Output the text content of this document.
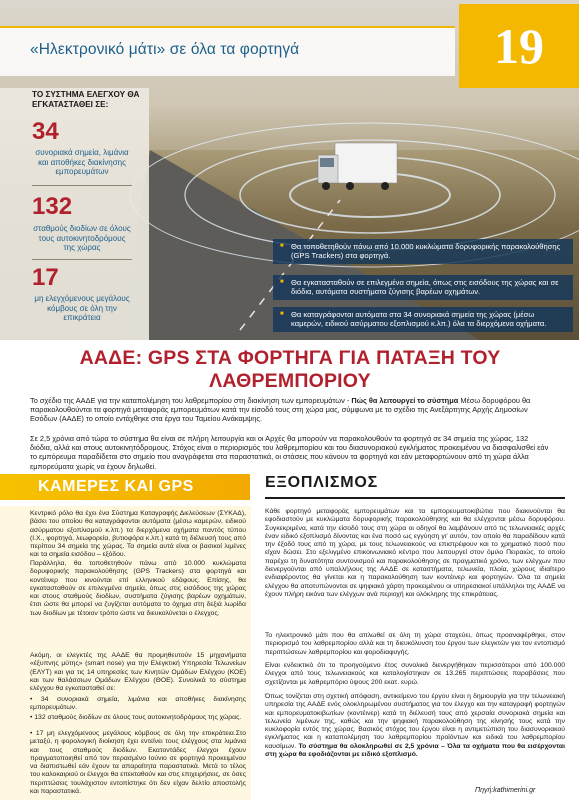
«Ηλεκτρονικό μάτι» σε όλα τα φορτηγά	19
ΤΟ ΣΥΣΤΗΜΑ ΕΛΕΓΧΟΥ ΘΑ ΕΓΚΑΤΑΣΤΑΘΕΙ ΣΕ:
34
συνοριακά σημεία, λιμάνια και αποθήκες διακίνησης εμπορευμάτων
132
σταθμούς διοδίων σε όλους τους αυτοκινητοδρόμους της χώρας
17
μη ελεγχόμενους μεγάλους κόμβους σε όλη την επικράτεια
■ Θα τοποθετηθούν πάνω από 10.000 κυκλώματα δορυφορικής παρακολούθησης (GPS Trackers) στα φορτηγά.
■ Θα εγκατασταθούν σε επιλεγμένα σημεία, όπως στις εισόδους της χώρας και σε διόδια, αυτόματα συστήματα ζύγισης βαρέων οχημάτων.
■ Θα καταγράφονται αυτόματα στα 34 συνοριακά σημεία της χώρας (μέσω καμερών, ειδικού ασύρματου εξοπλισμού κ.λπ.) όλα τα διερχόμενα οχήματα.
ΑΑΔΕ: GPS ΣΤΑ ΦΟΡΤΗΓΑ ΓΙΑ ΠΑΤΑΞΗ ΤΟΥ ΛΑΘΡΕΜΠΟΡΙΟΥ
Το σχέδιο της ΑΑΔΕ για την καταπολέμηση του λαθρεμπορίου στη διακίνηση των εμπορευμάτων - Πώς θα λειτουργεί το σύστημα Μέσω δορυφόρου θα παρακολουθούνται τα φορτηγά μεταφοράς εμπορευμάτων κατά την είσοδό τους στη χώρα μας, σύμφωνα με το σχέδιο της Ανεξάρτητης Αρχής Δημοσίων Εσόδων (ΑΑΔΕ) το οποίο εντάχθηκε στα έργα του Ταμείου Ανάκαμψης.
Σε 2,5 χρόνια από τώρα το σύστημα θα είναι σε πλήρη λειτουργία και οι Αρχές θα μπορούν να παρακολουθούν τα φορτηγά σε 34 σημεία της χώρας, 132 διόδια, αλλά και στους αυτοκινητόδρομους. Στόχος είναι ο περιορισμός του λαθρεμπορίου και του διασυνοριακού εγκλήματος προκειμένου να διασφαλισθεί εάν το εμπόρευμα παραδίδεται στο σημείο που αναγράφεται στα παραστατικά, οι στάσεις που κάνουν τα φορτηγά και εάν μεταφορτώνουν από τη χώρα άλλα εμπορεύματα χωρίς να έχουν δηλωθεί.
ΚΑΜΕΡΕΣ ΚΑΙ GPS	ΕΞΟΠΛΙΣΜΟΣ
Κεντρικό ρόλο θα έχει ένα Σύστημα Καταγραφής Διελεύσεων (ΣΥΚΑΔ), βάσει του οποίου θα καταγράφονται αυτόματα (μέσω καμερών, ειδικού ασύρματου εξοπλισμού κ.λπ.) τα διερχόμενα οχήματα παντός τύπου (Ι.Χ., φορτηγά, λεωφορεία, βυτιοφόρα κ.λπ.) κατά τη διέλευσή τους από περίπου 34 σημεία της χώρας. Τα σημεία αυτά είναι οι βασικοί λιμένες και τα σημεία εισόδου – εξόδου.
Παράλληλα, θα τοποθετηθούν πάνω από 10.000 κυκλώματα δορυφορικής παρακολούθησης (GPS Trackers) στα φορτηγά και κοντέινερ που κινούνται επί ελληνικού εδάφους. Επίσης, θα εγκατασταθούν σε επιλεγμένα σημεία, όπως στις εισόδους της χώρας και στους σταθμούς διοδίων, συστήματα ζύγισης βαρέων οχημάτων, έτσι ώστε θα μπορεί να ζυγίζεται αυτόματα το όχημα στη δεξιά λωρίδα των διοδίων με τέτοιον τρόπο ώστε να διευκολύνεται ο έλεγχος.
Ακόμη, οι ελεγκτές της ΑΑΔΕ θα προμηθευτούν 15 μηχανήματα «έξυπνης μύτης» (smart nose) για την Ελεγκτική Υπηρεσία Τελωνείων (ΕΛΥΤ) και για τις 14 υπηρεσίες των Κινητών Ομάδων Ελέγχου (ΚΟΕ) και των θαλάσσιων Ομάδων Ελέγχου (ΘΟΕ). Συνολικά το σύστημα ελέγχου θα εγκατασταθεί σε:
• 34 συνοριακά σημεία, λιμάνια και αποθήκες διακίνησης εμπορευμάτων.
• 132 σταθμούς διοδίων σε όλους τους αυτοκινητοδρόμους της χώρας.
• 17 μη ελεγχόμενους μεγάλους κόμβους σε όλη την επικράτεια.Στο μεταξύ, η φορολογική διοίκηση έχει εντείνει τους ελέγχους στα λιμάνια και τους σταθμούς διοδίων. Εκατοντάδες έλεγχοι έχουν πραγματοποιηθεί από τον περασμένο Ιούνιο σε φορτηγά προκειμένου να διαπιστωθεί εάν έχουν τα απαραίτητα παραστατικά. Μετά το τέλος του καλοκαιριού οι έλεγχοι θα επεκταθούν και στις επιχειρήσεις, σε όσες περιπτώσεις τουλάχιστον εντοπίστηκε ότι δεν είχαν δελτίο αποστολής και παραστατικά.
Κάθε φορτηγό μεταφοράς εμπορευμάτων και τα εμπορευματοκιβώτια που διακινούνται θα εφοδιαστούν με κυκλώματα δορυφορικής παρακολούθησης και θα ελέγχονται μέσω δορυφόρου. Συγκεκριμένα, κατά την είσοδό τους στη χώρα οι οδηγοί θα λαμβάνουν από τις τελωνειακές αρχές έναν ειδικό εξοπλισμό δίνοντας και ένα ποσό ως εγγύηση γι' αυτόν, τον οποίο θα παραδίδουν κατά την έξοδό τους από τη χώρα, με τους τελωνειακούς να επιστρέφουν και το χρηματικό ποσό που είχαν δώσει. Στο εξελιγμένο επικοινωνιακό κέντρο που λειτουργεί στον όμιλο Πειραιώς, το οποίο παρέχει τη δυνατότητα συντονισμού και παρακολούθησης σε πραγματικό χρόνο, των ελέγχων που διενεργούνται από υπαλλήλους της ΑΑΔΕ σε καταστήματα, τελωνεία, πλοία, χώρους ιδιαίτερο ενδιαφέροντος θα γίνεται και η παρακολούθηση των κοντέινερ και φορτηγών. Όλα τα σημεία ελέγχου θα αποτυπώνονται σε ψηφιακό χάρτη προκειμένου οι υπηρεσιακοί υπάλληλοι της ΑΑΔΕ να έχουν πλήρη εικόνα των ελέγχων ανά περιοχή και ολόκληρης της επικράτειας.
Το ηλεκτρονικό μάτι που θα απλωθεί σε όλη τη χώρα στοχεύει, όπως προαναφέρθηκε, στον περιορισμό του λαθρεμπορίου αλλά και τη διευκόλυνση του έργου των ελεγκτών για τον εντοπισμό περιπτώσεων λαθρεμπορίου και φοροδιαφυγής.
Είναι ενδεικτικό ότι το προηγούμενο έτος συνολικά διενεργήθηκαν περισσότεροι από 100.000 έλεγχοι από τους τελωνειακούς και καταλογίστηκαν σε 13.265 περιπτώσεις παραβάσεις που σχετίζονται με λαθρεμπόριο ύψους 200 εκατ. ευρώ.
Όπως τονίζεται στη σχετική απόφαση, αντικείμενο του έργου είναι η δημιουργία για την τελωνειακή υπηρεσία της ΑΑΔΕ ενός ολοκληρωμένου συστήματος για τον έλεγχο και την καταγραφή φορτηγών και εμπορευματοκιβωτίων (κοντέινερ) κατά τη διέλευσή τους από χερσαία συνοριακά σημεία και τελωνεία λιμένων της, καθώς και την ψηφιακή παρακολούθηση της κίνησής τους κατά την κυκλοφορία εντός της χώρας. Βασικός στόχος του έργου είναι η αντιμετώπιση του διασυνοριακού εγκλήματος και η καταπολέμηση του λαθρεμπορίου προϊόντων και ειδικά του λαθρεμπορίου καυσίμων. Το σύστημα θα ολοκληρωθεί σε 2,5 χρόνια – Όλα τα οχήματα που θα εισέρχονται στη χώρα θα εφοδιάζονται με ειδικό εξοπλισμό.
Πηγή:kathimerini.gr
